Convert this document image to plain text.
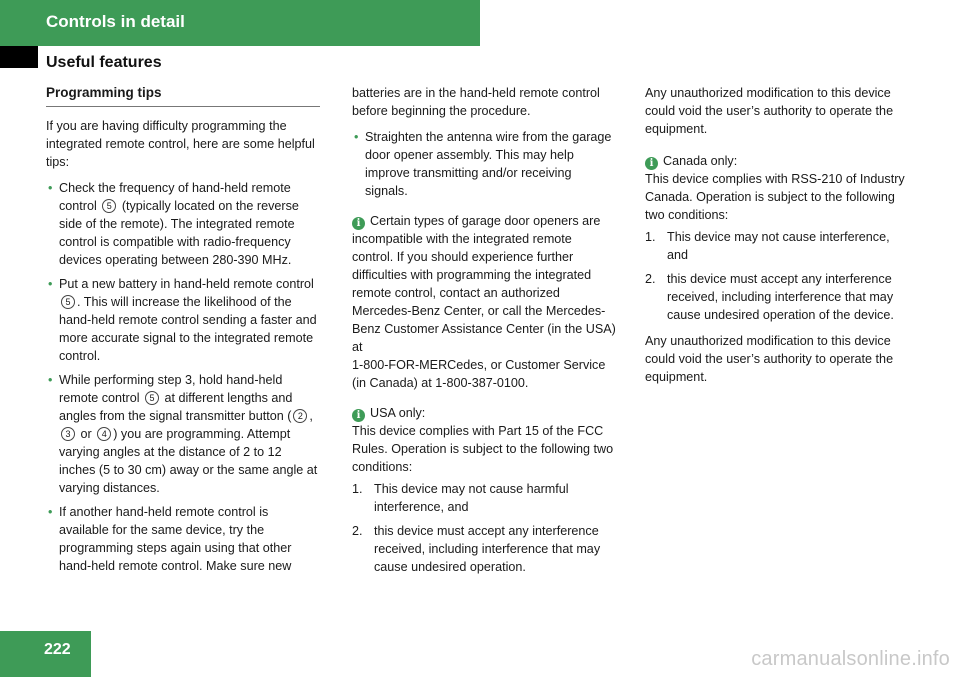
Controls in detail
Useful features
Programming tips

If you are having difficulty programming the integrated remote control, here are some helpful tips:

• Check the frequency of hand-held remote control 5 (typically located on the reverse side of the remote). The integrated remote control is compatible with radio-frequency devices operating between 280-390 MHz.
• Put a new battery in hand-held remote control 5 . This will increase the likelihood of the hand-held remote control sending a faster and more accurate signal to the integrated remote control.
• While performing step 3, hold hand-held remote control 5 at different lengths and angles from the signal transmitter button ( 2 , 3 or 4 ) you are programming. Attempt varying angles at the distance of 2 to 12 inches (5 to 30 cm) away or the same angle at varying distances.
• If another hand-held remote control is available for the same device, try the programming steps again using that other hand-held remote control. Make sure new

batteries are in the hand-held remote control before beginning the procedure.

• Straighten the antenna wire from the garage door opener assembly. This may help improve transmitting and/or receiving signals.
i Certain types of garage door openers are incompatible with the integrated remote control. If you should experience further difficulties with programming the integrated remote control, contact an authorized Mercedes-Benz Center, or call the Mercedes-Benz Customer Assistance Center (in the USA) at
1-800-FOR-MERCedes, or Customer Service (in Canada) at 1-800-387-0100.
i USA only:
This device complies with Part 15 of the FCC Rules. Operation is subject to the following two conditions:
1. This device may not cause harmful interference, and
2. this device must accept any interference received, including interference that may cause undesired operation.

Any unauthorized modification to this device could void the user’s authority to operate the equipment.

i Canada only:
This device complies with RSS-210 of Industry Canada. Operation is subject to the following two conditions:
1. This device may not cause interference, and
2. this device must accept any interference received, including interference that may cause undesired operation of the device.

Any unauthorized modification to this device could void the user’s authority to operate the equipment.

222	carmanualsonline.info
